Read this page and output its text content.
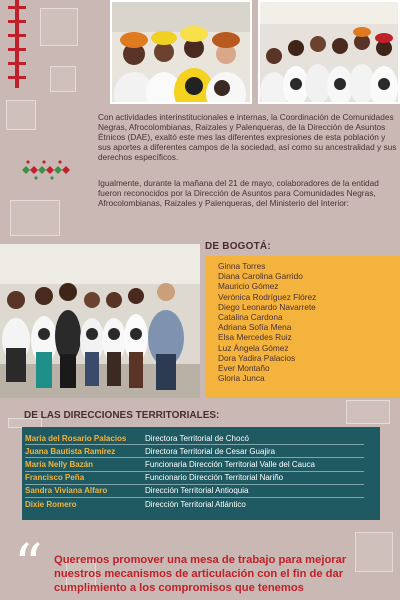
Con actividades interinstitucionales e internas, la Coordinación de Comunidades Negras, Afrocolombianas, Raizales y Palenqueras, de la Dirección de Asuntos Étnicos (DAE), exaltó este mes las diferentes expresiones de esta población y sus aportes a diferentes campos de la sociedad, así como su ancestralidad y sus derechos específicos.

Igualmente, durante la mañana del 21 de mayo, colaboradores de la entidad fueron reconocidos por la Dirección de Asuntos para Comunidades Negras, Afrocolombianas, Raizales y Palenqueras, del Ministerio del Interior:

DE BOGOTÁ:
Ginna Torres
Diana Carolina Garrido
Mauricio Gómez
Verónica Rodríguez Flórez
Diego Leonardo Navarrete
Catalina Cardona
Adriana Sofía Mena
Elsa Mercedes Ruiz
Luz Ángela Gómez
Dora Yadira Palacios
Ever Montaño
Gloria Junca
DE LAS DIRECCIONES TERRITORIALES:
María del Rosario Palacios	Directora Territorial de Chocó
Juana Bautista Ramírez	Directora Territorial de Cesar Guajira
María Nelly Bazán	Funcionaria Dirección Territorial Valle del Cauca
Francisco Peña	Funcionario Dirección Territorial Nariño
Sandra Viviana Alfaro	Dirección Territorial Antioquia
Dixie Romero	Dirección Territorial Atlántico
“ Queremos promover una mesa de trabajo para mejorar nuestros mecanismos de articulación con el fin de dar cumplimiento a los compromisos que tenemos
